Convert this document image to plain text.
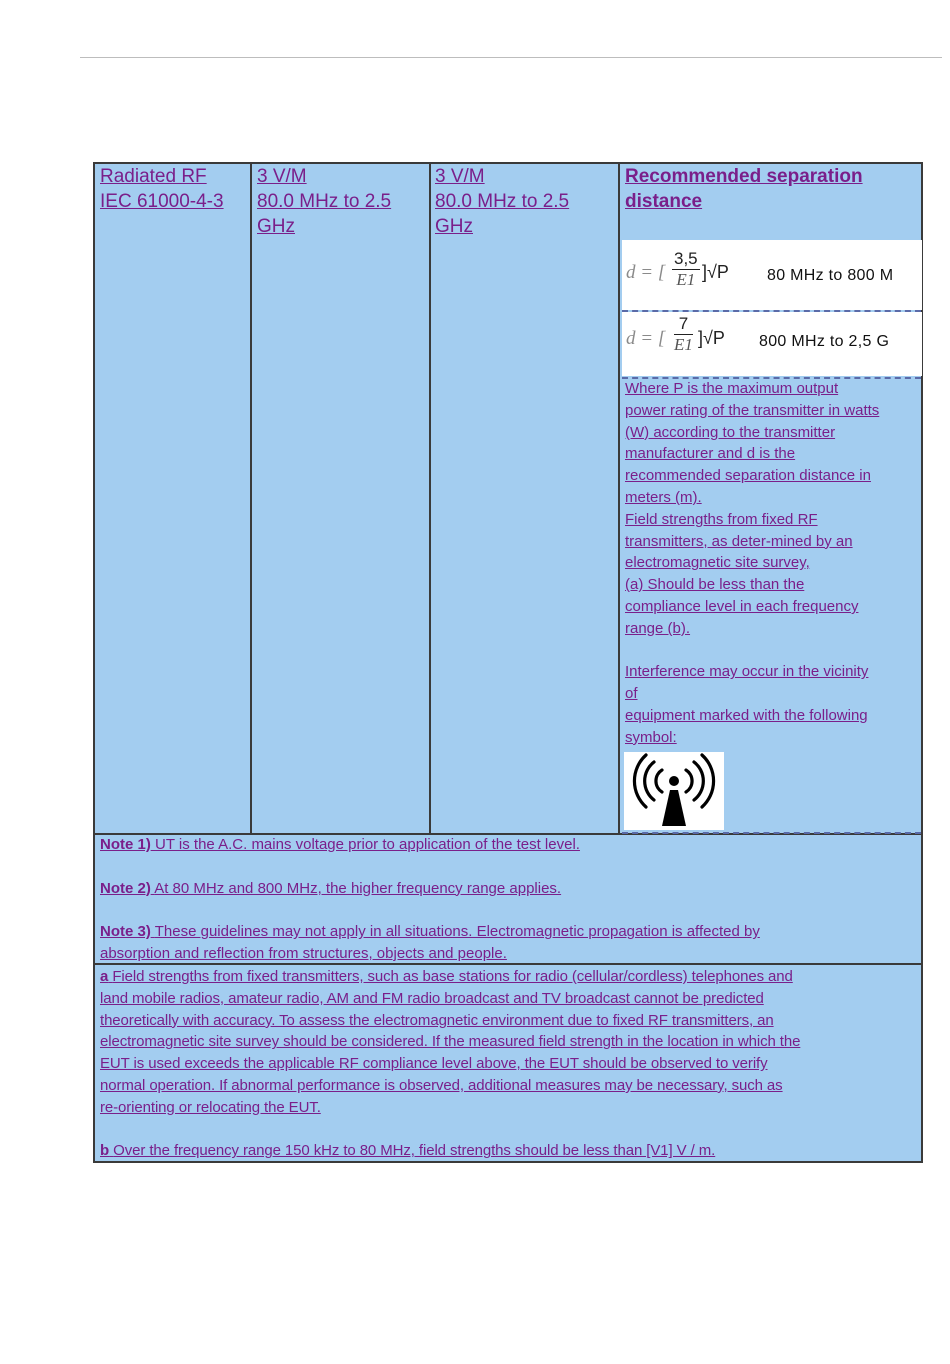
Radiated RF
IEC 61000-4-3
3 V/M
80.0 MHz to 2.5
GHz
3 V/M
80.0 MHz to 2.5
GHz
Recommended separation
distance
d = [
3,5
E1 ]√P 80 MHz to 800 M
d = [
7
E1 ]√P 800 MHz to 2,5 G
Where P is the maximum output
power rating of the transmitter in watts
(W) according to the transmitter
manufacturer and d is the
recommended separation distance in
meters (m).
Field strengths from fixed RF
transmitters, as deter-mined by an
electromagnetic site survey,
(a) Should be less than the
compliance level in each frequency
range (b).
Interference may occur in the vicinity
of
equipment marked with the following
symbol:
Note 1) UT is the A.C. mains voltage prior to application of the test level.
Note 2) At 80 MHz and 800 MHz, the higher frequency range applies.
Note 3) These guidelines may not apply in all situations. Electromagnetic propagation is affected by
absorption and reflection from structures, objects and people.
a Field strengths from fixed transmitters, such as base stations for radio (cellular/cordless) telephones and
land mobile radios, amateur radio, AM and FM radio broadcast and TV broadcast cannot be predicted
theoretically with accuracy. To assess the electromagnetic environment due to fixed RF transmitters, an
electromagnetic site survey should be considered. If the measured field strength in the location in which the
EUT is used exceeds the applicable RF compliance level above, the EUT should be observed to verify
normal operation. If abnormal performance is observed, additional measures may be necessary, such as
re-orienting or relocating the EUT.
b Over the frequency range 150 kHz to 80 MHz, field strengths should be less than [V1] V / m.
